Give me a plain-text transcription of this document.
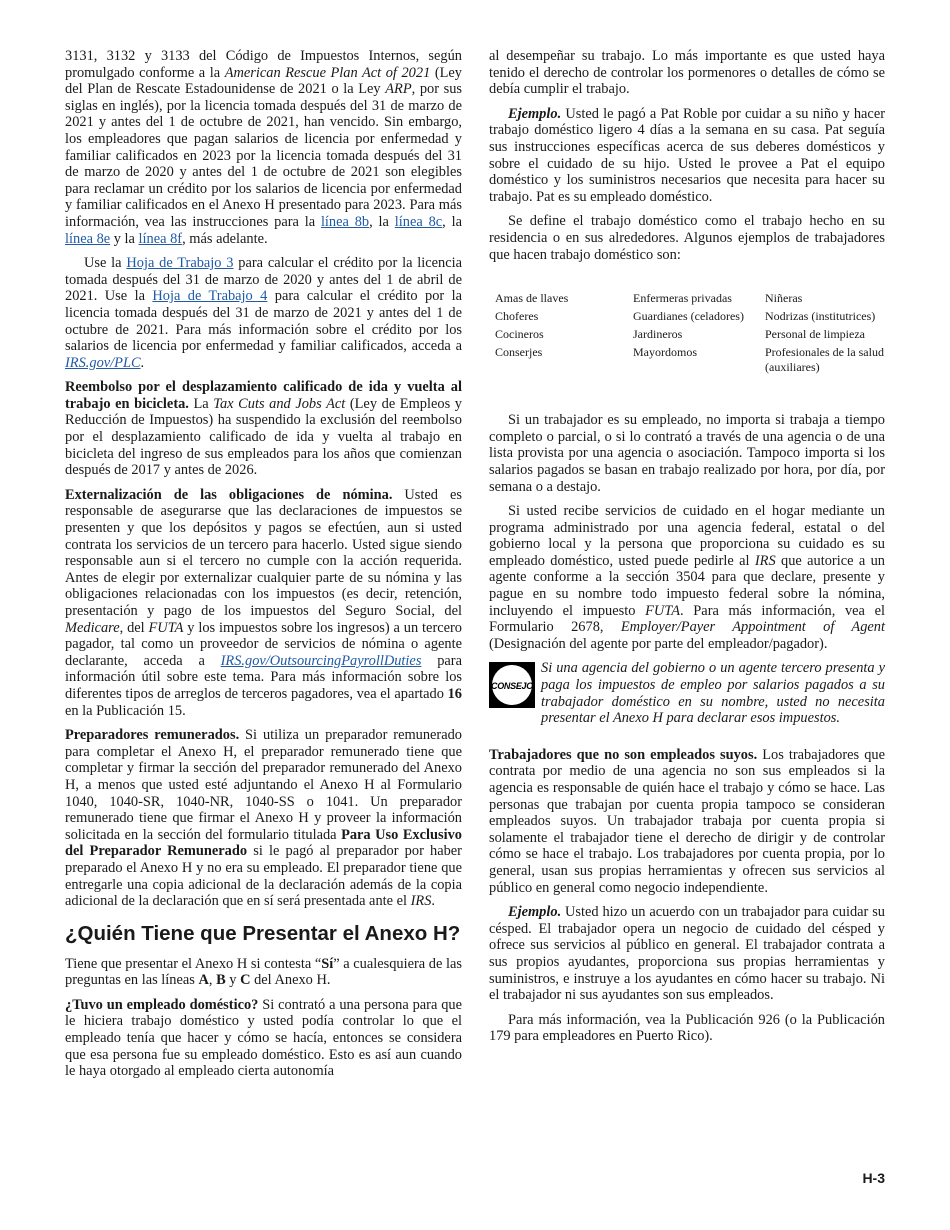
3131, 3132 y 3133 del Código de Impuestos Internos, según promulgado conforme a la American Rescue Plan Act of 2021 (Ley del Plan de Rescate Estadounidense de 2021 o la Ley ARP, por sus siglas en inglés), por la licencia tomada después del 31 de marzo de 2021 y antes del 1 de octubre de 2021, han vencido. Sin embargo, los empleadores que pagan salarios de licencia por enfermedad y familiar calificados en 2023 por la licencia tomada después del 31 de marzo de 2020 y antes del 1 de octubre de 2021 son elegibles para reclamar un crédito por los salarios de licencia por enfermedad y familiar calificados en el Anexo H presentado para 2023. Para más información, vea las instrucciones para la línea 8b, la línea 8c, la línea 8e y la línea 8f, más adelante.

Use la Hoja de Trabajo 3 para calcular el crédito por la licencia tomada después del 31 de marzo de 2020 y antes del 1 de abril de 2021. Use la Hoja de Trabajo 4 para calcular el crédito por la licencia tomada después del 31 de marzo de 2021 y antes del 1 de octubre de 2021. Para más información sobre el crédito por los salarios de licencia por enfermedad y familiar calificados, acceda a IRS.gov/PLC.

Reembolso por el desplazamiento calificado de ida y vuelta al trabajo en bicicleta. La Tax Cuts and Jobs Act (Ley de Empleos y Reducción de Impuestos) ha suspendido la exclusión del reembolso por el desplazamiento calificado de ida y vuelta al trabajo en bicicleta del ingreso de sus empleados para los años que comienzan después de 2017 y antes de 2026.

Externalización de las obligaciones de nómina. Usted es responsable de asegurarse que las declaraciones de impuestos se presenten y que los depósitos y pagos se efectúen, aun si usted contrata los servicios de un tercero para hacerlo. Usted sigue siendo responsable aun si el tercero no cumple con la acción requerida. Antes de elegir por externalizar cualquier parte de su nómina y las obligaciones relacionadas con los impuestos (es decir, retención, presentación y pago de los impuestos del Seguro Social, del Medicare, del FUTA y los impuestos sobre los ingresos) a un tercero pagador, tal como un proveedor de servicios de nómina o agente declarante, acceda a IRS.gov/OutsourcingPayrollDuties para información útil sobre este tema. Para más información sobre los diferentes tipos de arreglos de terceros pagadores, vea el apartado 16 en la Publicación 15.

Preparadores remunerados. Si utiliza un preparador remunerado para completar el Anexo H, el preparador remunerado tiene que completar y firmar la sección del preparador remunerado del Anexo H, a menos que usted esté adjuntando el Anexo H al Formulario 1040, 1040-SR, 1040-NR, 1040-SS o 1041. Un preparador remunerado tiene que firmar el Anexo H y proveer la información solicitada en la sección del formulario titulada Para Uso Exclusivo del Preparador Remunerado si le pagó al preparador por haber preparado el Anexo H y no era su empleado. El preparador tiene que entregarle una copia adicional de la declaración además de la copia adicional de la declaración que en sí será presentada ante el IRS.

¿Quién Tiene que Presentar el Anexo H?

Tiene que presentar el Anexo H si contesta “Sí” a cualesquiera de las preguntas en las líneas A, B y C del Anexo H.

¿Tuvo un empleado doméstico? Si contrató a una persona para que le hiciera trabajo doméstico y usted podía controlar lo que el empleado tenía que hacer y cómo se hacía, entonces se considera que esa persona fue su empleado doméstico. Esto es así aun cuando le haya otorgado al empleado cierta autonomía

al desempeñar su trabajo. Lo más importante es que usted haya tenido el derecho de controlar los pormenores o detalles de cómo se debía cumplir el trabajo.

Ejemplo. Usted le pagó a Pat Roble por cuidar a su niño y hacer trabajo doméstico ligero 4 días a la semana en su casa. Pat seguía sus instrucciones específicas acerca de sus deberes domésticos y sobre el cuidado de su hijo. Usted le provee a Pat el equipo doméstico y los suministros necesarios que necesita para hacer su trabajo. Pat es su empleado doméstico.

Se define el trabajo doméstico como el trabajo hecho en su residencia o en sus alrededores. Algunos ejemplos de trabajadores que hacen trabajo doméstico son:

Amas de llaves	Enfermeras privadas	Niñeras
Choferes	Guardianes (celadores)	Nodrizas (institutrices)
Cocineros	Jardineros	Personal de limpieza
Conserjes	Mayordomos	Profesionales de la salud (auxiliares)

Si un trabajador es su empleado, no importa si trabaja a tiempo completo o parcial, o si lo contrató a través de una agencia o de una lista provista por una agencia o asociación. Tampoco importa si los salarios pagados se basan en trabajo realizado por hora, por día, por semana o a destajo.

Si usted recibe servicios de cuidado en el hogar mediante un programa administrado por una agencia federal, estatal o del gobierno local y la persona que proporciona su cuidado es su empleado doméstico, usted puede pedirle al IRS que autorice a un agente conforme a la sección 3504 para que declare, presente y pague en su nombre todo impuesto federal sobre la nómina, incluyendo el impuesto FUTA. Para más información, vea el Formulario 2678, Employer/Payer Appointment of Agent (Designación del agente por parte del empleador/pagador).

CONSEJO
Si una agencia del gobierno o un agente tercero presenta y paga los impuestos de empleo por salarios pagados a su trabajador doméstico en su nombre, usted no necesita presentar el Anexo H para declarar esos impuestos.

Trabajadores que no son empleados suyos. Los trabajadores que contrata por medio de una agencia no son sus empleados si la agencia es responsable de quién hace el trabajo y cómo se hace. Las personas que trabajan por cuenta propia tampoco se consideran empleados suyos. Un trabajador trabaja por cuenta propia si solamente el trabajador tiene el derecho de dirigir y de controlar cómo se hace el trabajo. Los trabajadores por cuenta propia, por lo general, usan sus propias herramientas y ofrecen sus servicios al público en general como negocio independiente.

Ejemplo. Usted hizo un acuerdo con un trabajador para cuidar su césped. El trabajador opera un negocio de cuidado del césped y ofrece sus servicios al público en general. El trabajador contrata a sus propios ayudantes, proporciona sus propias herramientas y suministros, e instruye a los ayudantes en cómo hacer su trabajo. Ni el trabajador ni sus ayudantes son sus empleados.

Para más información, vea la Publicación 926 (o la Publicación 179 para empleadores en Puerto Rico).

H-3
